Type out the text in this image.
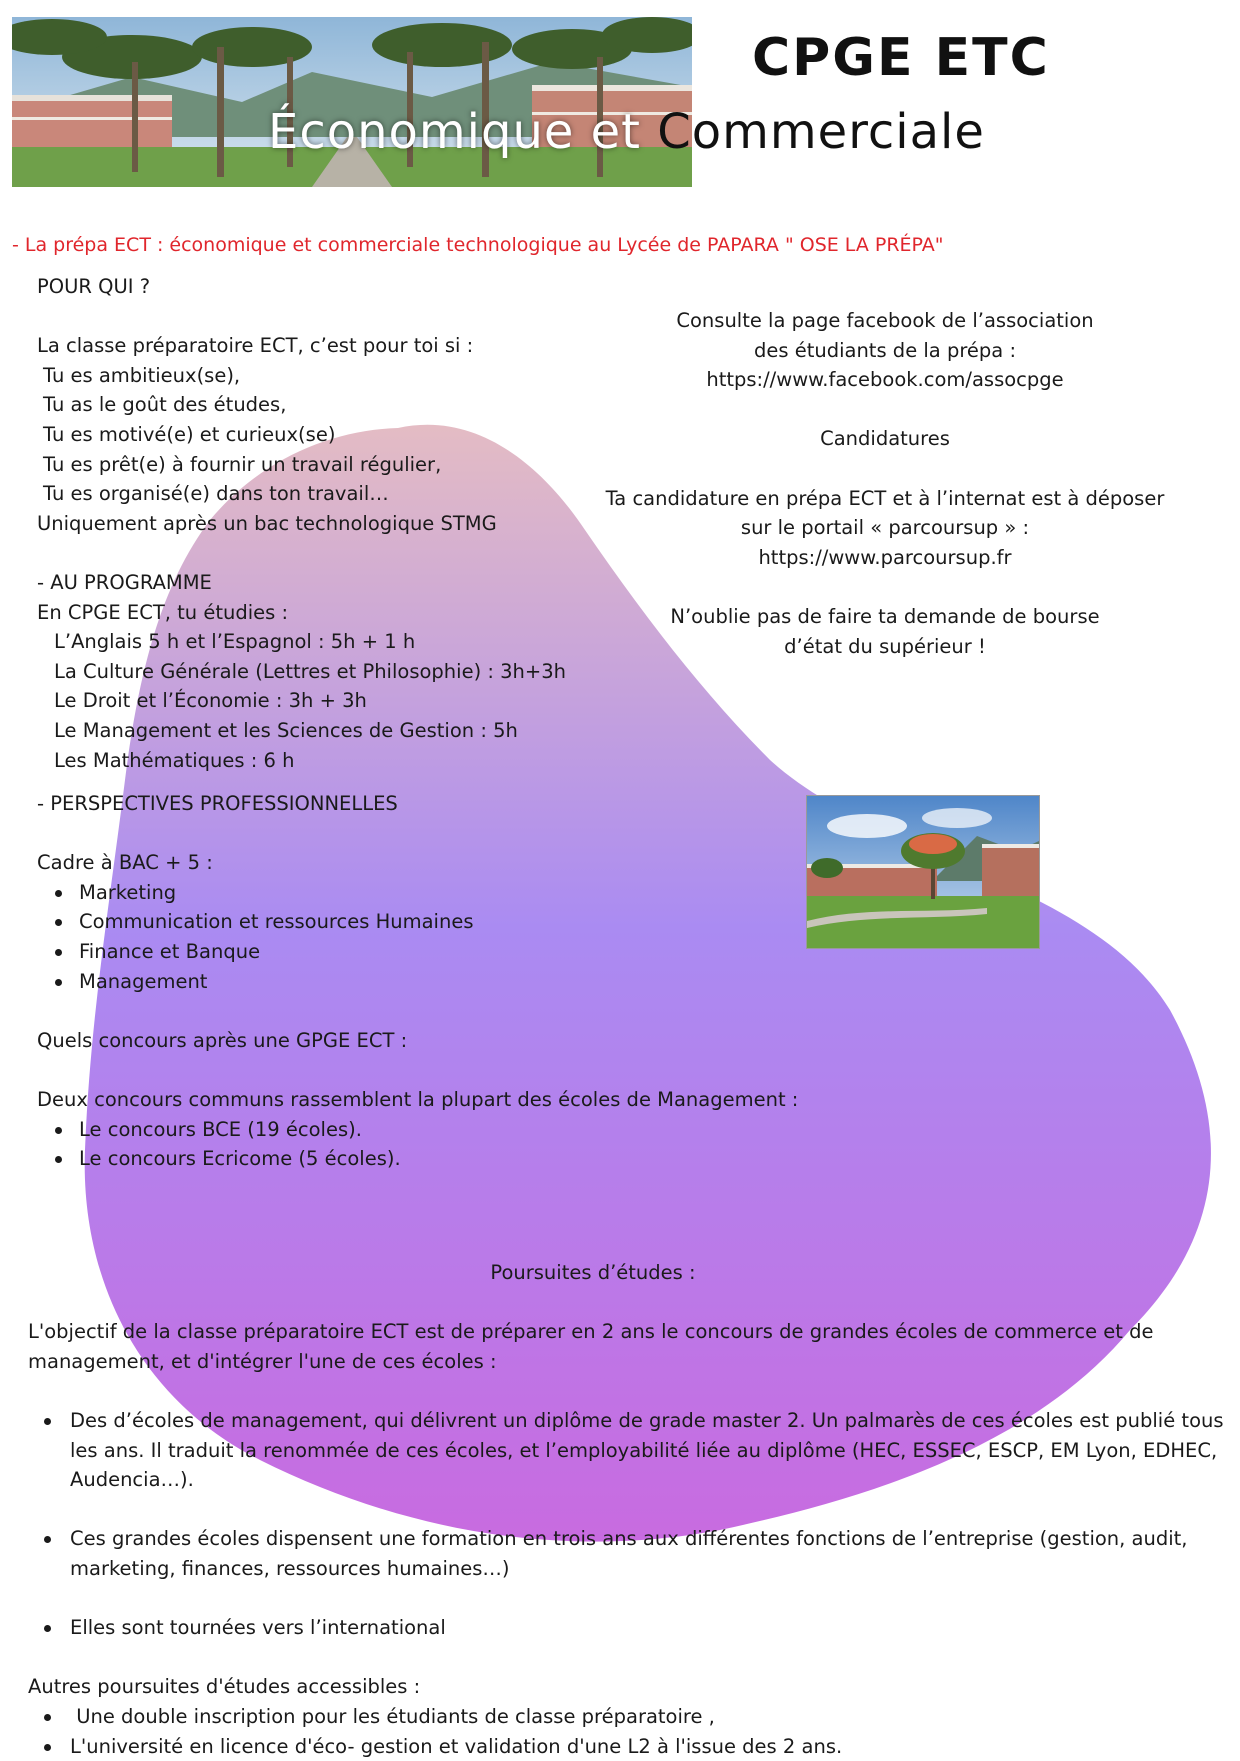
CPGE ETC
Économique et Commerciale
- La prépa ECT : économique et commerciale technologique au Lycée de PAPARA " OSE LA PRÉPA"

POUR QUI ?

La classe préparatoire ECT, c’est pour toi si :

Tu es ambitieux(se),

Tu as le goût des études,

Tu es motivé(e) et curieux(se)

Tu es prêt(e) à fournir un travail régulier,

Tu es organisé(e) dans ton travail…

Uniquement après un bac technologique STMG

- AU PROGRAMME

En CPGE ECT, tu étudies :

L’Anglais 5 h et l’Espagnol : 5h + 1 h

La Culture Générale (Lettres et Philosophie) : 3h+3h

Le Droit et l’Économie : 3h + 3h

Le Management et les Sciences de Gestion : 5h

Les Mathématiques : 6 h

- PERSPECTIVES PROFESSIONNELLES

Cadre à BAC + 5 :

Marketing
Communication et ressources Humaines
Finance et Banque
Management

Quels concours après une GPGE ECT :

Deux concours communs rassemblent la plupart des écoles de Management :

Le concours BCE (19 écoles).
Le concours Ecricome (5 écoles).

Consulte la page facebook de l’association

des étudiants de la prépa :

https://www.facebook.com/assocpge

Candidatures

Ta candidature en prépa ECT et à l’internat est à déposer

sur le portail « parcoursup » :

https://www.parcoursup.fr

N’oublie pas de faire ta demande de bourse

d’état du supérieur !

Poursuites d’études :

L'objectif de la classe préparatoire ECT est de préparer en 2 ans le concours de grandes écoles de commerce et de management, et d'intégrer l'une de ces écoles :

Des d’écoles de management, qui délivrent un diplôme de grade master 2. Un palmarès de ces écoles est publié tous les ans. Il traduit la renommée de ces écoles, et l’employabilité liée au diplôme (HEC, ESSEC, ESCP, EM Lyon, EDHEC, Audencia…).
Ces grandes écoles dispensent une formation en trois ans aux différentes fonctions de l’entreprise (gestion, audit, marketing, finances, ressources humaines…)
Elles sont tournées vers l’international

Autres poursuites d'études accessibles :

Une double inscription pour les étudiants de classe préparatoire ,
L'université en licence d'éco- gestion et validation d'une L2 à l'issue des 2 ans.
